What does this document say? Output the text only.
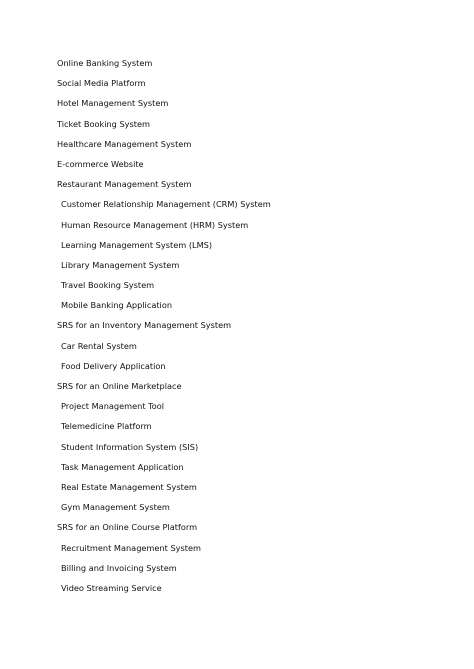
Online Banking System
Social Media Platform
Hotel Management System
Ticket Booking System
Healthcare Management System
E-commerce Website
Restaurant Management System
Customer Relationship Management (CRM) System
Human Resource Management (HRM) System
Learning Management System (LMS)
Library Management System
Travel Booking System
Mobile Banking Application
SRS for an Inventory Management System
Car Rental System
Food Delivery Application
SRS for an Online Marketplace
Project Management Tool
Telemedicine Platform
Student Information System (SIS)
Task Management Application
Real Estate Management System
Gym Management System
SRS for an Online Course Platform
Recruitment Management System
Billing and Invoicing System
Video Streaming Service
